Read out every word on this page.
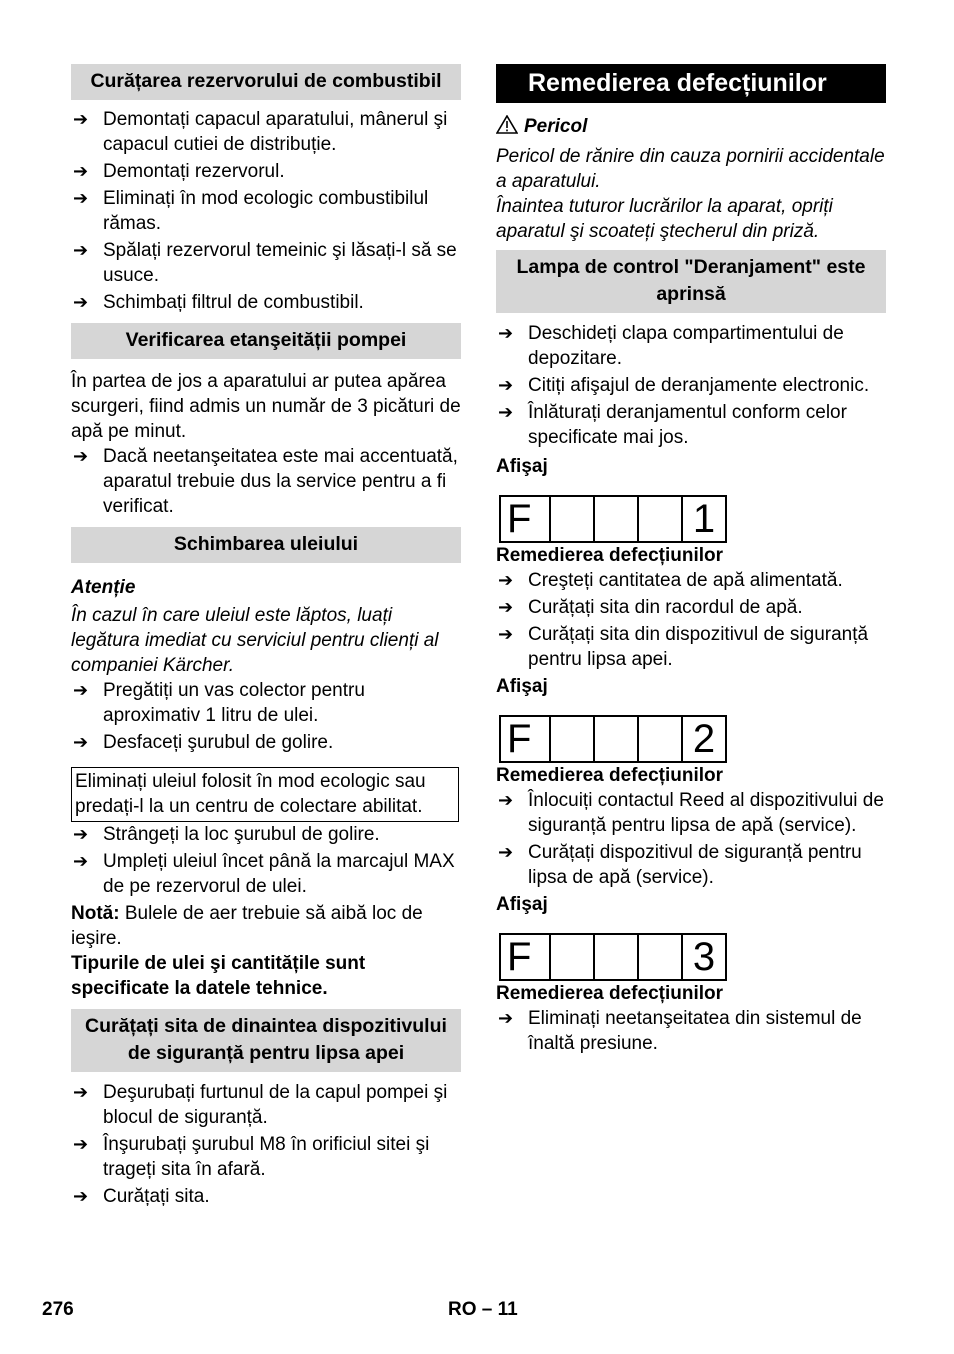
Curățarea rezervorului de combustibil
➔ Demontați capacul aparatului, mânerul şi capacul cutiei de distribuție.
➔ Demontați rezervorul.
➔ Eliminați în mod ecologic combustibilul rămas.
➔ Spălați rezervorul temeinic şi lăsați-l să se usuce.
➔ Schimbați filtrul de combustibil.
Verificarea etanşeității pompei

În partea de jos a aparatului ar putea apărea scurgeri, fiind admis un număr de 3 picături de apă pe minut.

➔ Dacă neetanşeitatea este mai accentuată, aparatul trebuie dus la service pentru a fi verificat.
Schimbarea uleiului
Atenție

În cazul în care uleiul este lăptos, luați legătura imediat cu serviciul pentru clienți al companiei Kärcher.

➔ Pregătiți un vas colector pentru aproximativ 1 litru de ulei.
➔ Desfaceți şurubul de golire.
Eliminați uleiul folosit în mod ecologic sau predați-l la un centru de colectare abilitat.
➔ Strângeți la loc şurubul de golire.
➔ Umpleți uleiul încet până la marcajul MAX de pe rezervorul de ulei.

Notă: Bulele de aer trebuie să aibă loc de ieşire.

Tipurile de ulei şi cantitățile sunt specificate la datele tehnice.

Curățați sita de dinaintea dispozitivului de siguranță pentru lipsa apei
➔ Deşurubați furtunul de la capul pompei şi blocul de siguranță.
➔ Înşurubați şurubul M8 în orificiul sitei şi trageți sita în afară.
➔ Curățați sita.
Remedierea defecțiunilor
Pericol

Pericol de rănire din cauza pornirii accidentale a aparatului.

Înaintea tuturor lucrărilor la aparat, opriți aparatul şi scoateți ştecherul din priză.

Lampa de control "Deranjament" este aprinsă
➔ Deschideți clapa compartimentului de depozitare.
➔ Citiți afişajul de deranjamente electronic.
➔ Înlăturați deranjamentul conform celor specificate mai jos.
Afişaj
F	1
Remedierea defecțiunilor
➔ Creşteți cantitatea de apă alimentată.
➔ Curățați sita din racordul de apă.
➔ Curățați sita din dispozitivul de siguranță pentru lipsa apei.
Afişaj
F	2
Remedierea defecțiunilor
➔ Înlocuiți contactul Reed al dispozitivului de siguranță pentru lipsa de apă (service).
➔ Curățați dispozitivul de siguranță pentru lipsa de apă (service).
Afişaj
F	3
Remedierea defecțiunilor
➔ Eliminați neetanşeitatea din sistemul de înaltă presiune.
276	RO – 11
